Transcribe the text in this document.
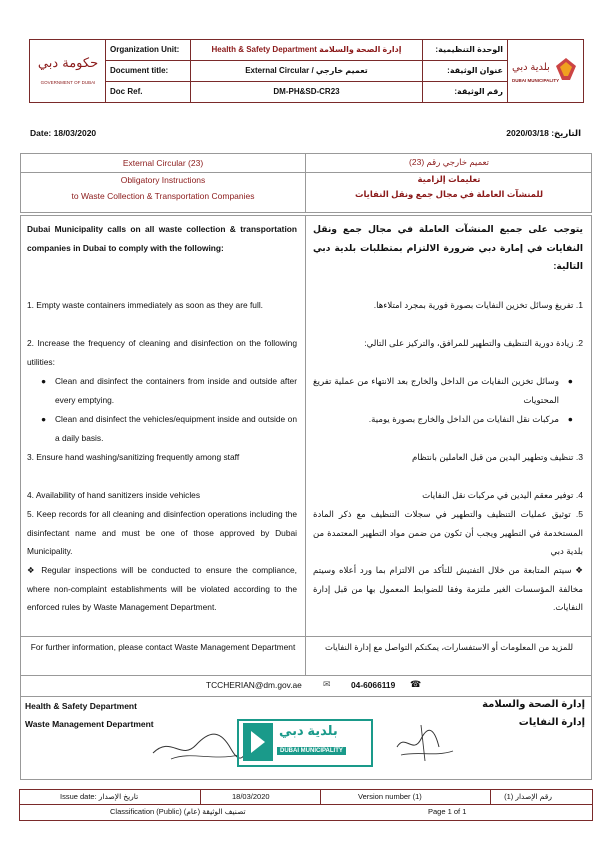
حكومة دبي
GOVERNMENT OF DUBAI
Organization Unit:	Health & Safety Department إدارة الصحة والسلامة	الوحدة التنظيمية:
Document title:	External Circular / تعميم خارجي	عنوان الوثيقة:
Doc Ref.	DM-PH&SD-CR23	رقم الوثيقة:
بلدية دبي
DUBAI MUNICIPALITY
Date: 18/03/2020	التاريخ: 2020/03/18
External Circular (23)
Obligatory Instructions
to Waste Collection & Transportation Companies
تعميم خارجي رقم (23)
تعليمات إلزامية
للمنشآت العاملة في مجال جمع ونقل النفايات
Dubai Municipality calls on all waste collection & transportation companies in Dubai to comply with the following:
1. Empty waste containers immediately as soon as they are full.
2. Increase the frequency of cleaning and disinfection on the following utilities:
● Clean and disinfect the containers from inside and outside after every emptying.
● Clean and disinfect the vehicles/equipment inside and outside on a daily basis.
3. Ensure hand washing/sanitizing frequently among staff
4. Availability of hand sanitizers inside vehicles
5. Keep records for all cleaning and disinfection operations including the disinfectant name and must be one of those approved by Dubai Municipality.
❖ Regular inspections will be conducted to ensure the compliance, where non-complaint establishments will be violated according to the enforced rules by Waste Management Department.
يتوجب على جميع المنشآت العاملة في مجال جمع ونقل النفايات في إمارة دبي ضرورة الالتزام بمتطلبات بلدية دبي التالية:
1. تفريغ وسائل تخزين النفايات بصورة فورية بمجرد امتلاءها.
2. زيادة دورية التنظيف والتطهير للمرافق، والتركيز على التالي:
●
وسائل تخزين النفايات من الداخل والخارج بعد الانتهاء من عملية تفريغ المحتويات
●
مركبات نقل النفايات من الداخل والخارج بصورة يومية.
3. تنظيف وتطهير اليدين من قبل العاملين بانتظام
4. توفير معقم اليدين في مركبات نقل النفايات
5. توثيق عمليات التنظيف والتطهير في سجلات التنظيف مع ذكر المادة المستخدمة في التطهير ويجب أن تكون من ضمن مواد التطهير المعتمدة من بلدية دبي
❖ سيتم المتابعة من خلال التفتيش للتأكد من الالتزام بما ورد أعلاه وسيتم مخالفة المؤسسات الغير ملتزمة وفقا للضوابط المعمول بها من قبل إدارة النفايات.
For further information, please contact Waste Management Department	للمزيد من المعلومات أو الاستفسارات، يمكنكم التواصل مع إدارة النفايات
TCCHERIAN@dm.gov.ae ✉ 04-6066119 ☎
Health & Safety Department
Waste Management Department
إدارة الصحة والسلامة
إدارة النفايات
بلدية دبي
DUBAI MUNICIPALITY
Issue date: تاريخ الإصدار	18/03/2020	Version number (1)	رقم الإصدار (1)
Classification (Public) تصنيف الوثيقة (عام)	Page 1 of 1
